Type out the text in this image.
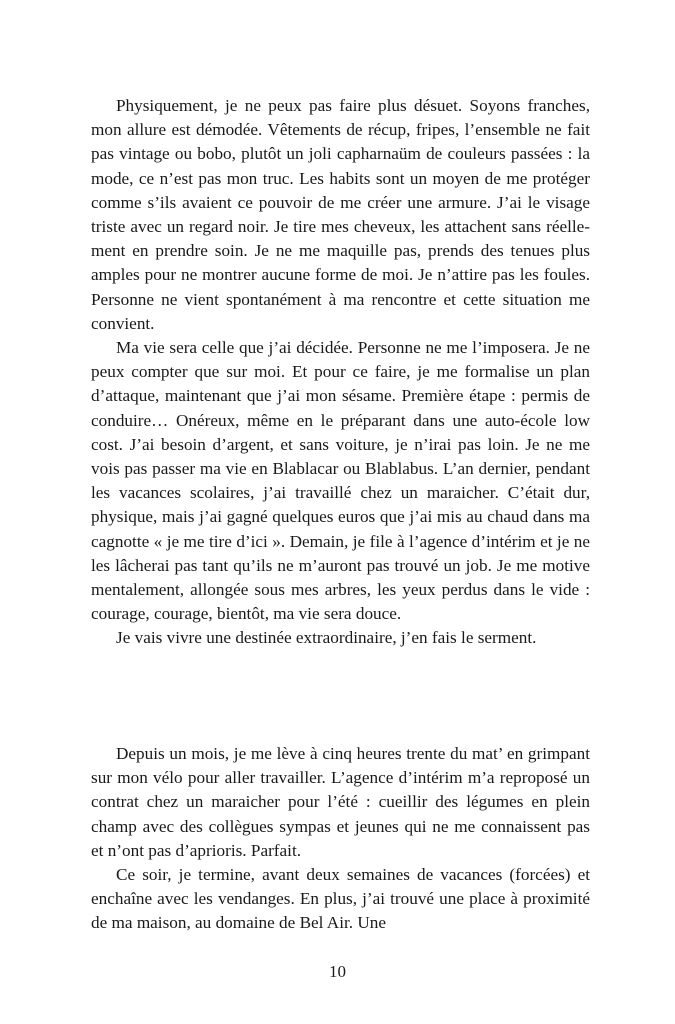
Physiquement, je ne peux pas faire plus désuet. Soyons franches, mon allure est démodée. Vêtements de récup, fripes, l’ensemble ne fait pas vintage ou bobo, plutôt un joli capharnaüm de couleurs passées : la mode, ce n’est pas mon truc. Les habits sont un moyen de me protéger comme s’ils avaient ce pouvoir de me créer une armure. J’ai le visage triste avec un regard noir. Je tire mes cheveux, les attachent sans réellement en prendre soin. Je ne me maquille pas, prends des tenues plus amples pour ne montrer aucune forme de moi. Je n’attire pas les foules. Personne ne vient spontanément à ma rencontre et cette situation me convient.

Ma vie sera celle que j’ai décidée. Personne ne me l’imposera. Je ne peux compter que sur moi. Et pour ce faire, je me formalise un plan d’attaque, maintenant que j’ai mon sésame. Première étape : permis de conduire… Onéreux, même en le préparant dans une auto-école low cost. J’ai besoin d’argent, et sans voiture, je n’irai pas loin. Je ne me vois pas passer ma vie en Blablacar ou Blablabus. L’an dernier, pendant les vacances scolaires, j’ai travaillé chez un maraicher. C’était dur, physique, mais j’ai gagné quelques euros que j’ai mis au chaud dans ma cagnotte « je me tire d’ici ». Demain, je file à l’agence d’intérim et je ne les lâcherai pas tant qu’ils ne m’auront pas trouvé un job. Je me motive mentalement, allongée sous mes arbres, les yeux perdus dans le vide : courage, courage, bientôt, ma vie sera douce.

Je vais vivre une destinée extraordinaire, j’en fais le serment.

Depuis un mois, je me lève à cinq heures trente du mat’ en grimpant sur mon vélo pour aller travailler. L’agence d’intérim m’a reproposé un contrat chez un maraicher pour l’été : cueillir des légumes en plein champ avec des collègues sympas et jeunes qui ne me connaissent pas et n’ont pas d’aprioris. Parfait.

Ce soir, je termine, avant deux semaines de vacances (forcées) et enchaîne avec les vendanges. En plus, j’ai trouvé une place à proximité de ma maison, au domaine de Bel Air. Une

10
